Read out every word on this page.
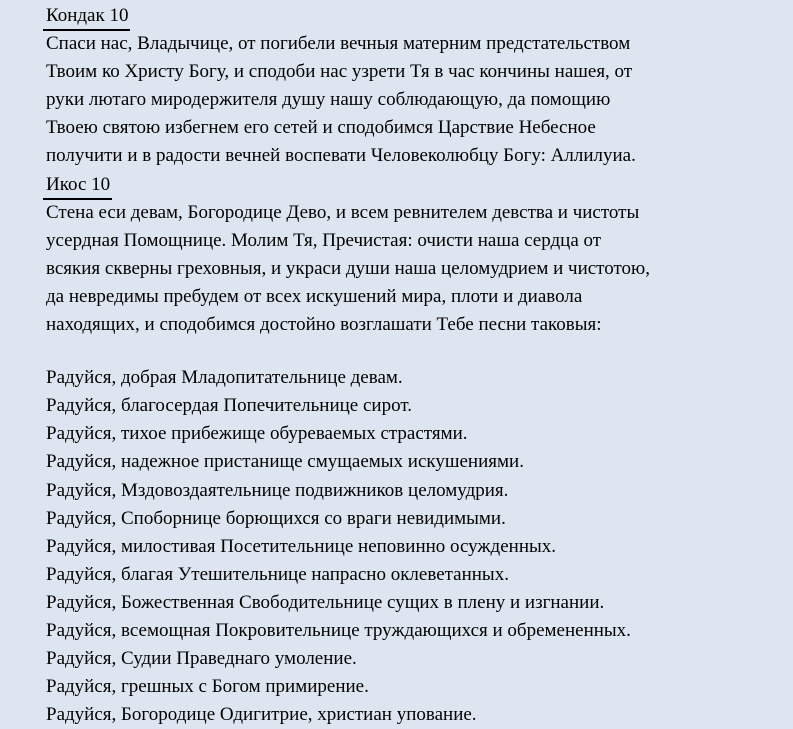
Кондак 10

Спаси нас, Владычице, от погибели вечныя матерним предстательством

Твоим ко Христу Богу, и сподоби нас узрети Тя в час кончины нашея, от

руки лютаго миродержителя душу нашу соблюдающую, да помощию

Твоею святою избегнем его сетей и сподобимся Царствие Небесное

получити и в радости вечней воспевати Человеколюбцу Богу: Аллилуиа.

Икос 10

Стена еси девам, Богородице Дево, и всем ревнителем девства и чистоты

усердная Помощнице. Молим Тя, Пречистая: очисти наша сердца от

всякия скверны греховныя, и украси души наша целомудрием и чистотою,

да невредимы пребудем от всех искушений мира, плоти и диавола

находящих, и сподобимся достойно возглашати Тебе песни таковыя:

Радуйся, добрая Младопитательнице девам.

Радуйся, благосердая Попечительнице сирот.

Радуйся, тихое прибежище обуреваемых страстями.

Радуйся, надежное пристанище смущаемых искушениями.

Радуйся, Мздовоздаятельнице подвижников целомудрия.

Радуйся, Споборнице борющихся со враги невидимыми.

Радуйся, милостивая Посетительнице неповинно осужденных.

Радуйся, благая Утешительнице напрасно оклеветанных.

Радуйся, Божественная Свободительнице сущих в плену и изгнании.

Радуйся, всемощная Покровительнице труждающихся и обремененных.

Радуйся, Судии Праведнаго умоление.

Радуйся, грешных с Богом примирение.

Радуйся, Богородице Одигитрие, христиан упование.
